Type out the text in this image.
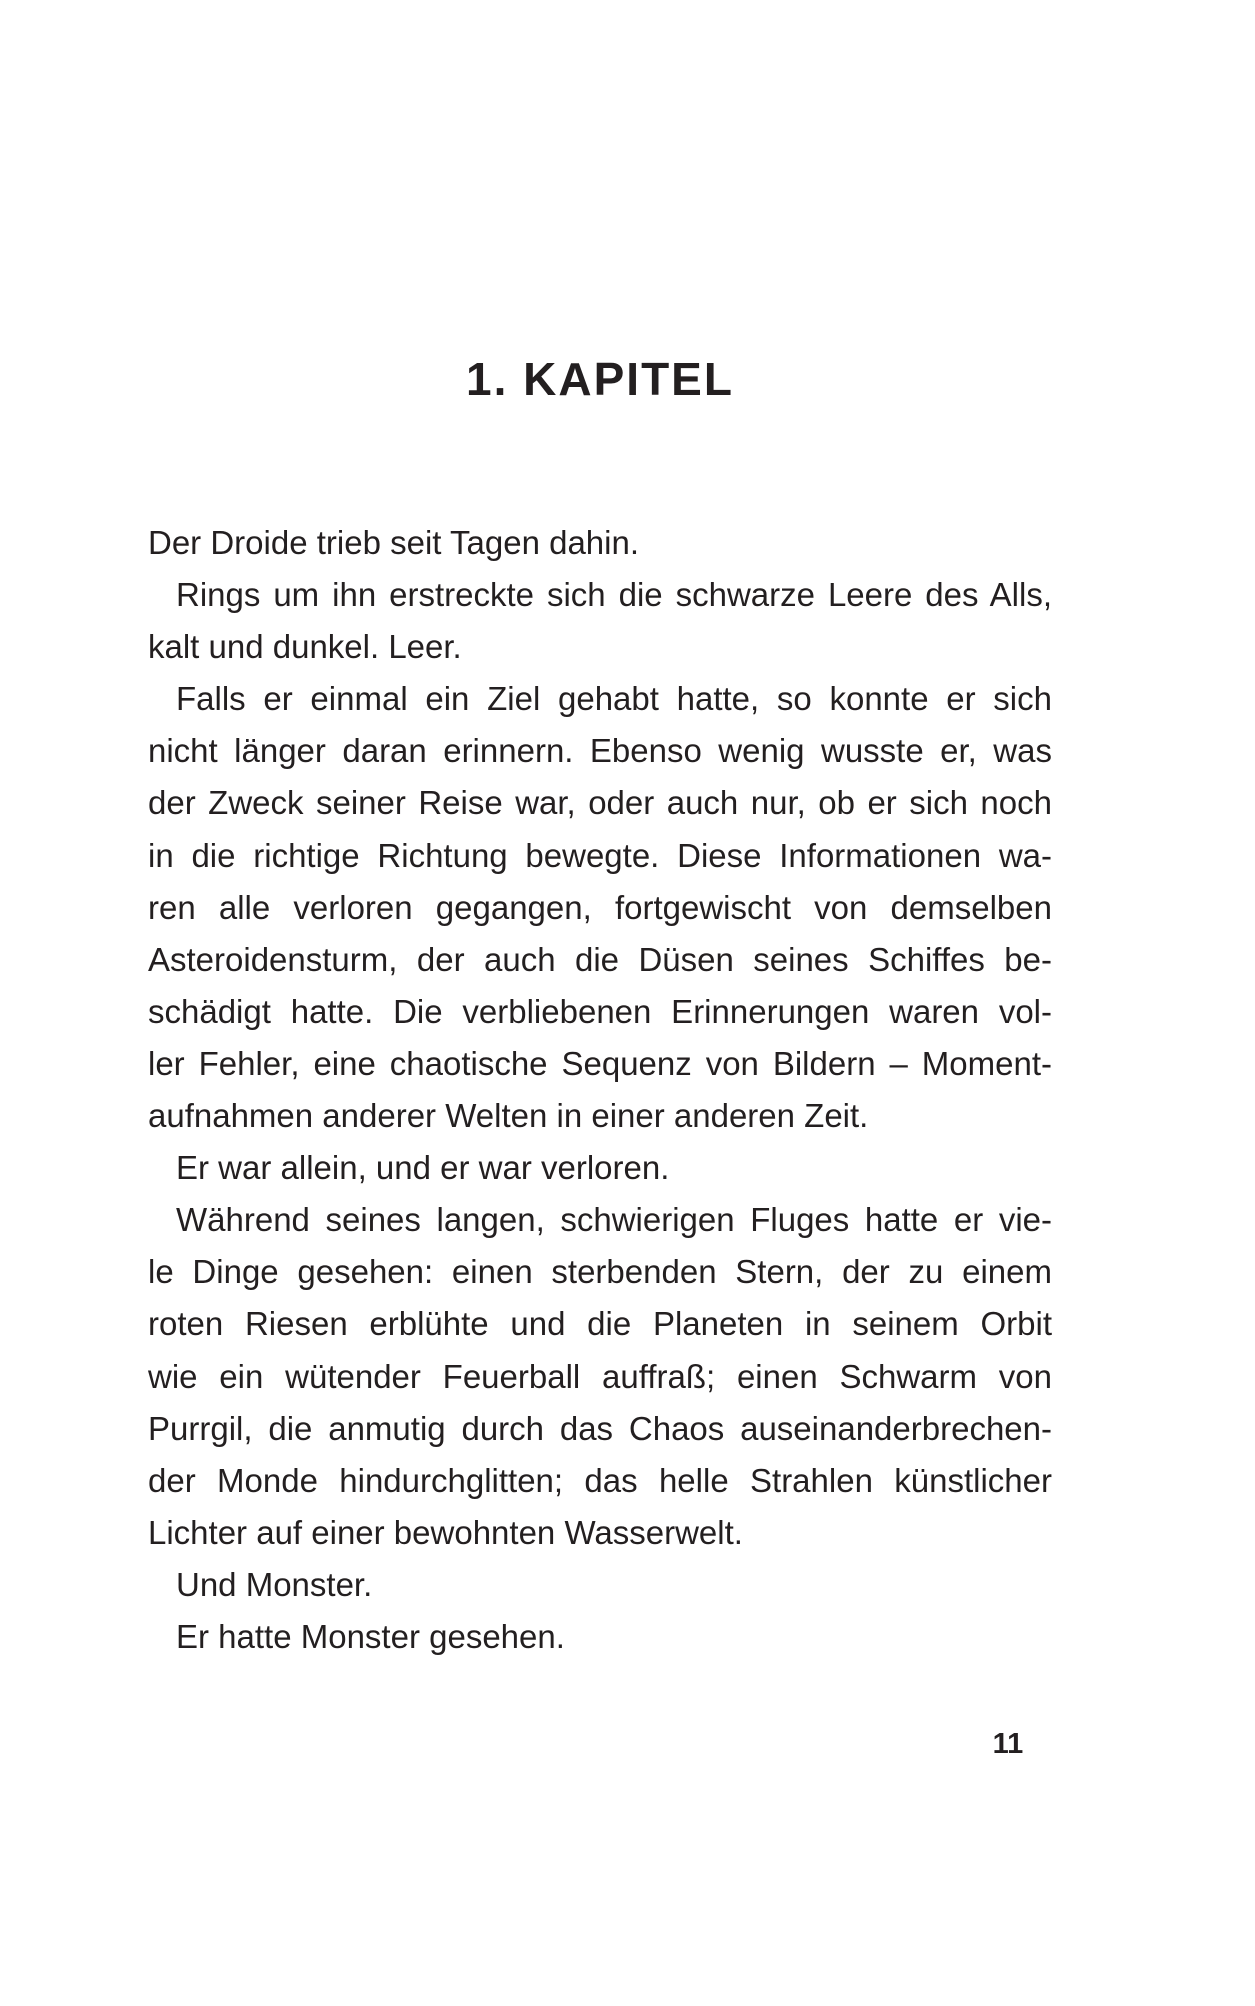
1. KAPITEL
Der Droide trieb seit Tagen dahin.
Rings um ihn erstreckte sich die schwarze Leere des Alls,
kalt und dunkel. Leer.
Falls er einmal ein Ziel gehabt hatte, so konnte er sich
nicht länger daran erinnern. Ebenso wenig wusste er, was
der Zweck seiner Reise war, oder auch nur, ob er sich noch
in die richtige Richtung bewegte. Diese Informationen wa-
ren alle verloren gegangen, fortgewischt von demselben
Asteroidensturm, der auch die Düsen seines Schiffes be-
schädigt hatte. Die verbliebenen Erinnerungen waren vol-
ler Fehler, eine chaotische Sequenz von Bildern – Moment-
aufnahmen anderer Welten in einer anderen Zeit.
Er war allein, und er war verloren.
Während seines langen, schwierigen Fluges hatte er vie-
le Dinge gesehen: einen sterbenden Stern, der zu einem
roten Riesen erblühte und die Planeten in seinem Orbit
wie ein wütender Feuerball auffraß; einen Schwarm von
Purrgil, die anmutig durch das Chaos auseinanderbrechen-
der Monde hindurchglitten; das helle Strahlen künstlicher
Lichter auf einer bewohnten Wasserwelt.
Und Monster.
Er hatte Monster gesehen.
11
